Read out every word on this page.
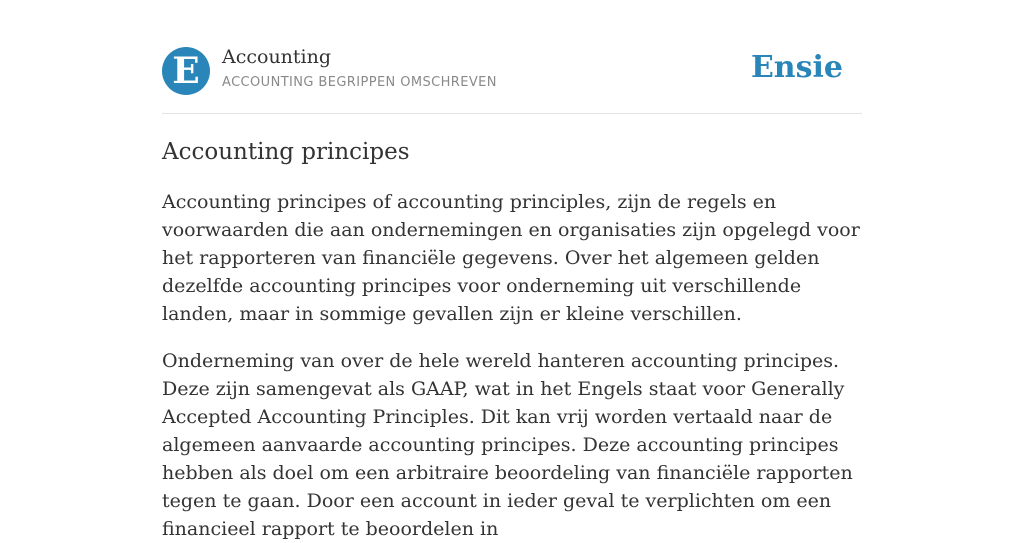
E	Accounting
ACCOUNTING BEGRIPPEN OMSCHREVEN	Ensie
Accounting principes

Accounting principes of accounting principles, zijn de regels en voorwaarden die aan ondernemingen en organisaties zijn opgelegd voor het rapporteren van financiële gegevens. Over het algemeen gelden dezelfde accounting principes voor onderneming uit verschillende landen, maar in sommige gevallen zijn er kleine verschillen.

Onderneming van over de hele wereld hanteren accounting principes. Deze zijn samengevat als GAAP, wat in het Engels staat voor Generally Accepted Accounting Principles. Dit kan vrij worden vertaald naar de algemeen aanvaarde accounting principes. Deze accounting principes hebben als doel om een arbitraire beoordeling van financiële rapporten tegen te gaan. Door een account in ieder geval te verplichten om een financieel rapport te beoordelen in
